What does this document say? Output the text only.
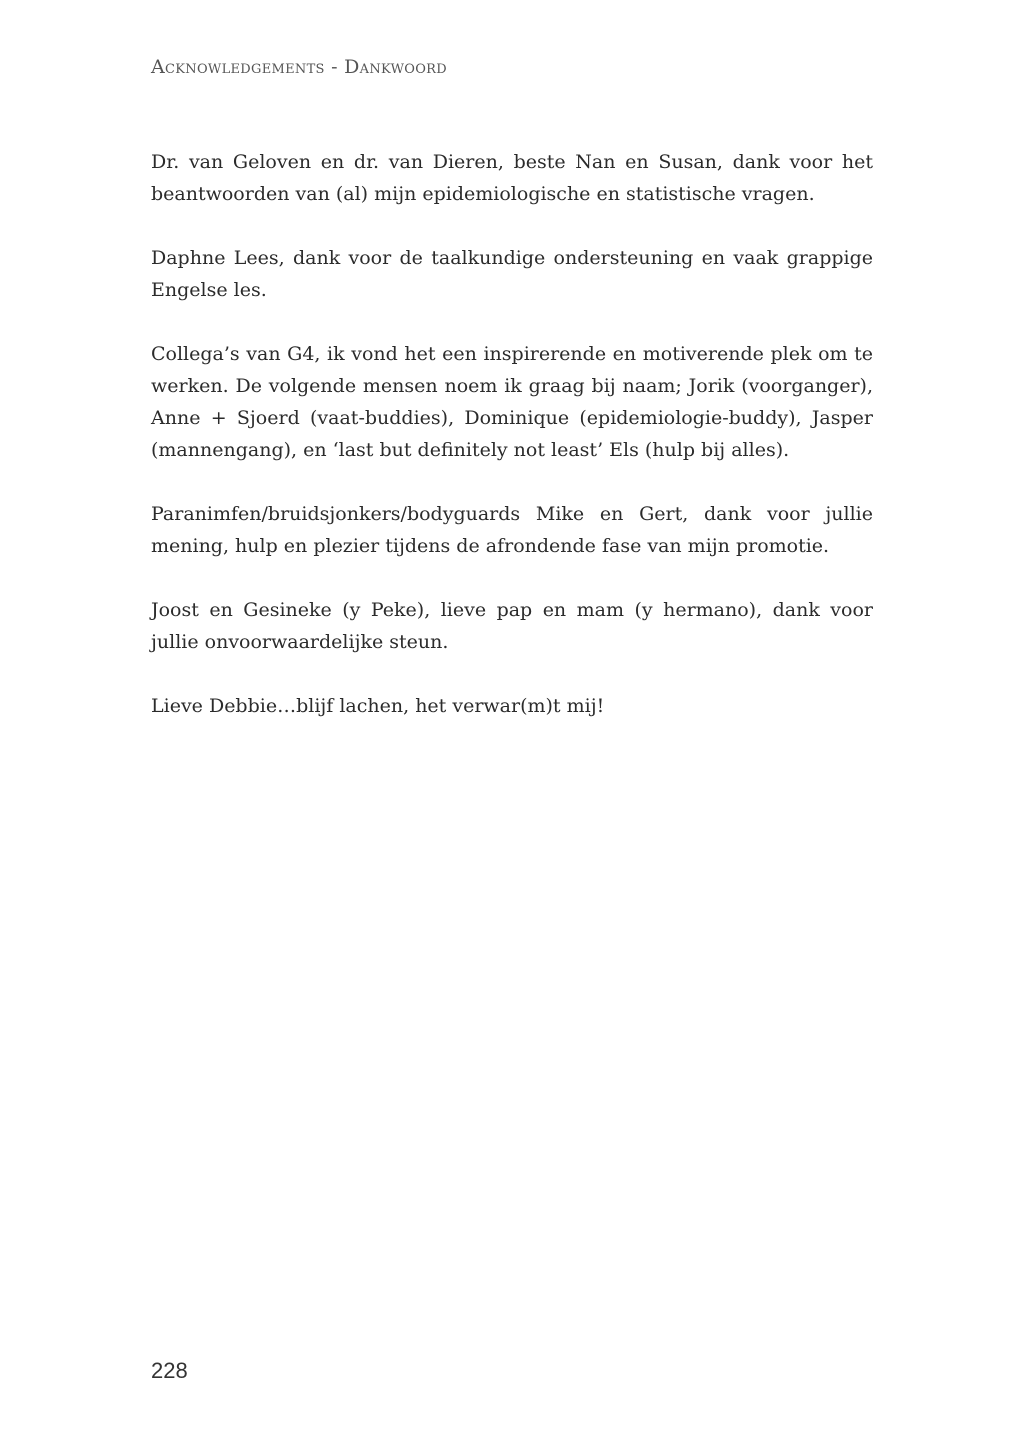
Acknowledgements - Dankwoord

Dr. van Geloven en dr. van Dieren, beste Nan en Susan, dank voor het beantwoorden van (al) mijn epidemiologische en statistische vragen.

Daphne Lees, dank voor de taalkundige ondersteuning en vaak grappige Engelse les.

Collega’s van G4, ik vond het een inspirerende en motiverende plek om te werken. De volgende mensen noem ik graag bij naam; Jorik (voorganger), Anne + Sjoerd (vaat-buddies), Dominique (epidemiologie-buddy), Jasper (mannengang), en ‘last but definitely not least’ Els (hulp bij alles).

Paranimfen/bruidsjonkers/bodyguards Mike en Gert, dank voor jullie mening, hulp en plezier tijdens de afrondende fase van mijn promotie.

Joost en Gesineke (y Peke), lieve pap en mam (y hermano), dank voor jullie onvoorwaardelijke steun.

Lieve Debbie…blijf lachen, het verwar(m)t mij!

228
